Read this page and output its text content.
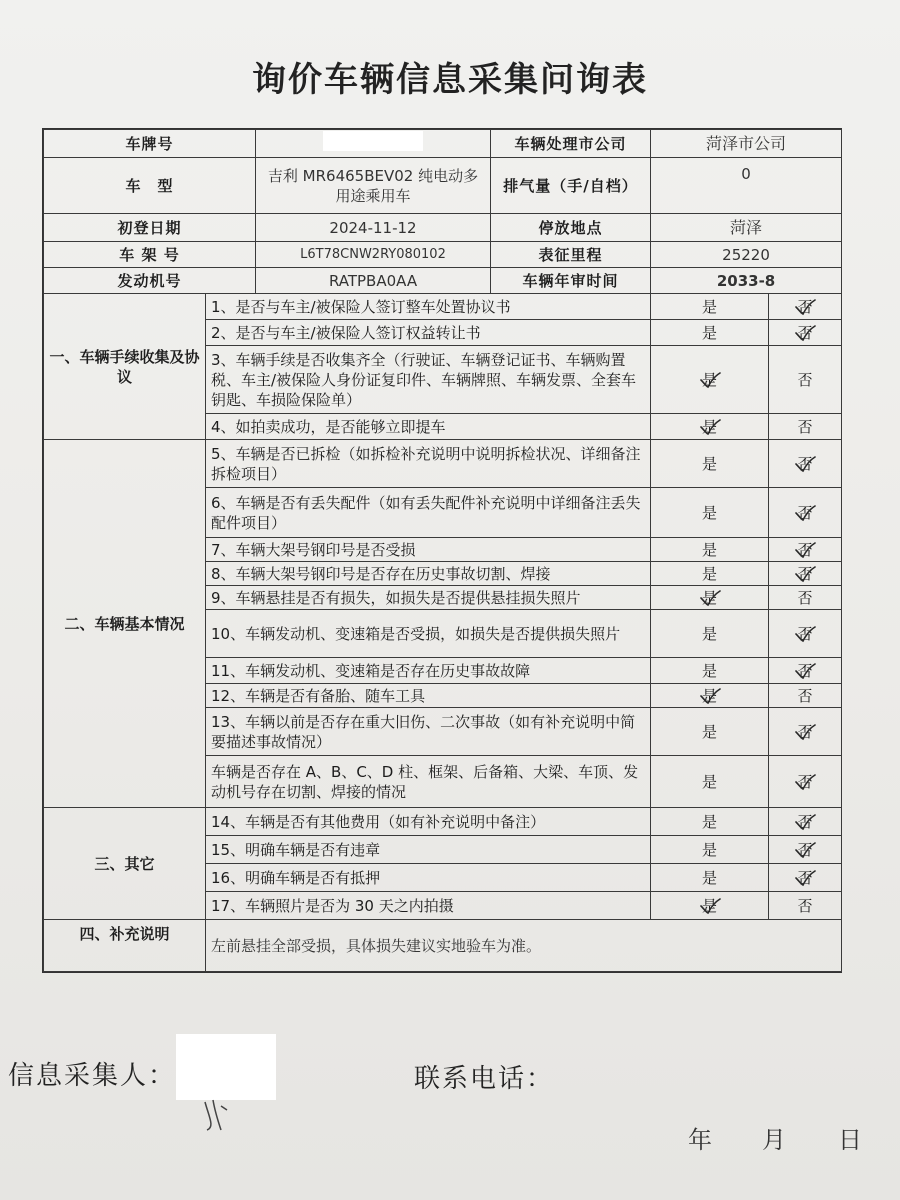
询价车辆信息采集问询表
车牌号			车辆处理市公司	菏泽市公司	
车　型		吉利 MR6465BEV02 纯电动多用途乘用车	排气量（手/自档）	0	
初登日期		2024-11-12	停放地点	菏泽	
车 架 号		L6T78CNW2RY080102	表征里程	25220	
发动机号		RATPBA0AA	车辆年审时间	2033-8	
一、车辆手续收集及协议	1、是否与车主/被保险人签订整车处置协议书			是	否

	2、是否与车主/被保险人签订权益转让书			是	否

	3、车辆手续是否收集齐全（行驶证、车辆登记证书、车辆购置税、车主/被保险人身份证复印件、车辆牌照、车辆发票、全套车钥匙、车损险保险单）			是	否
	4、如拍卖成功，是否能够立即提车			是	否
二、车辆基本情况	5、车辆是否已拆检（如拆检补充说明中说明拆检状况、详细备注拆检项目）			是	否

	6、车辆是否有丢失配件（如有丢失配件补充说明中详细备注丢失配件项目）			是	否

	7、车辆大架号钢印号是否受损			是	否

	8、车辆大架号钢印号是否存在历史事故切割、焊接			是	否

	9、车辆悬挂是否有损失，如损失是否提供悬挂损失照片			是	否
	10、车辆发动机、变速箱是否受损，如损失是否提供损失照片			是	否

	11、车辆发动机、变速箱是否存在历史事故故障			是	否

	12、车辆是否有备胎、随车工具			是	否
	13、车辆以前是否存在重大旧伤、二次事故（如有补充说明中简要描述事故情况）			是	否

	车辆是否存在 A、B、C、D 柱、框架、后备箱、大梁、车顶、发动机号存在切割、焊接的情况			是	否

三、其它	14、车辆是否有其他费用（如有补充说明中备注）			是	否

	15、明确车辆是否有违章			是	否

	16、明确车辆是否有抵押			是	否

	17、车辆照片是否为 30 天之内拍摄			是	否
四、补充说明	左前悬挂全部受损，具体损失建议实地验车为准。				
信息采集人：	联系电话：
年 月 日
